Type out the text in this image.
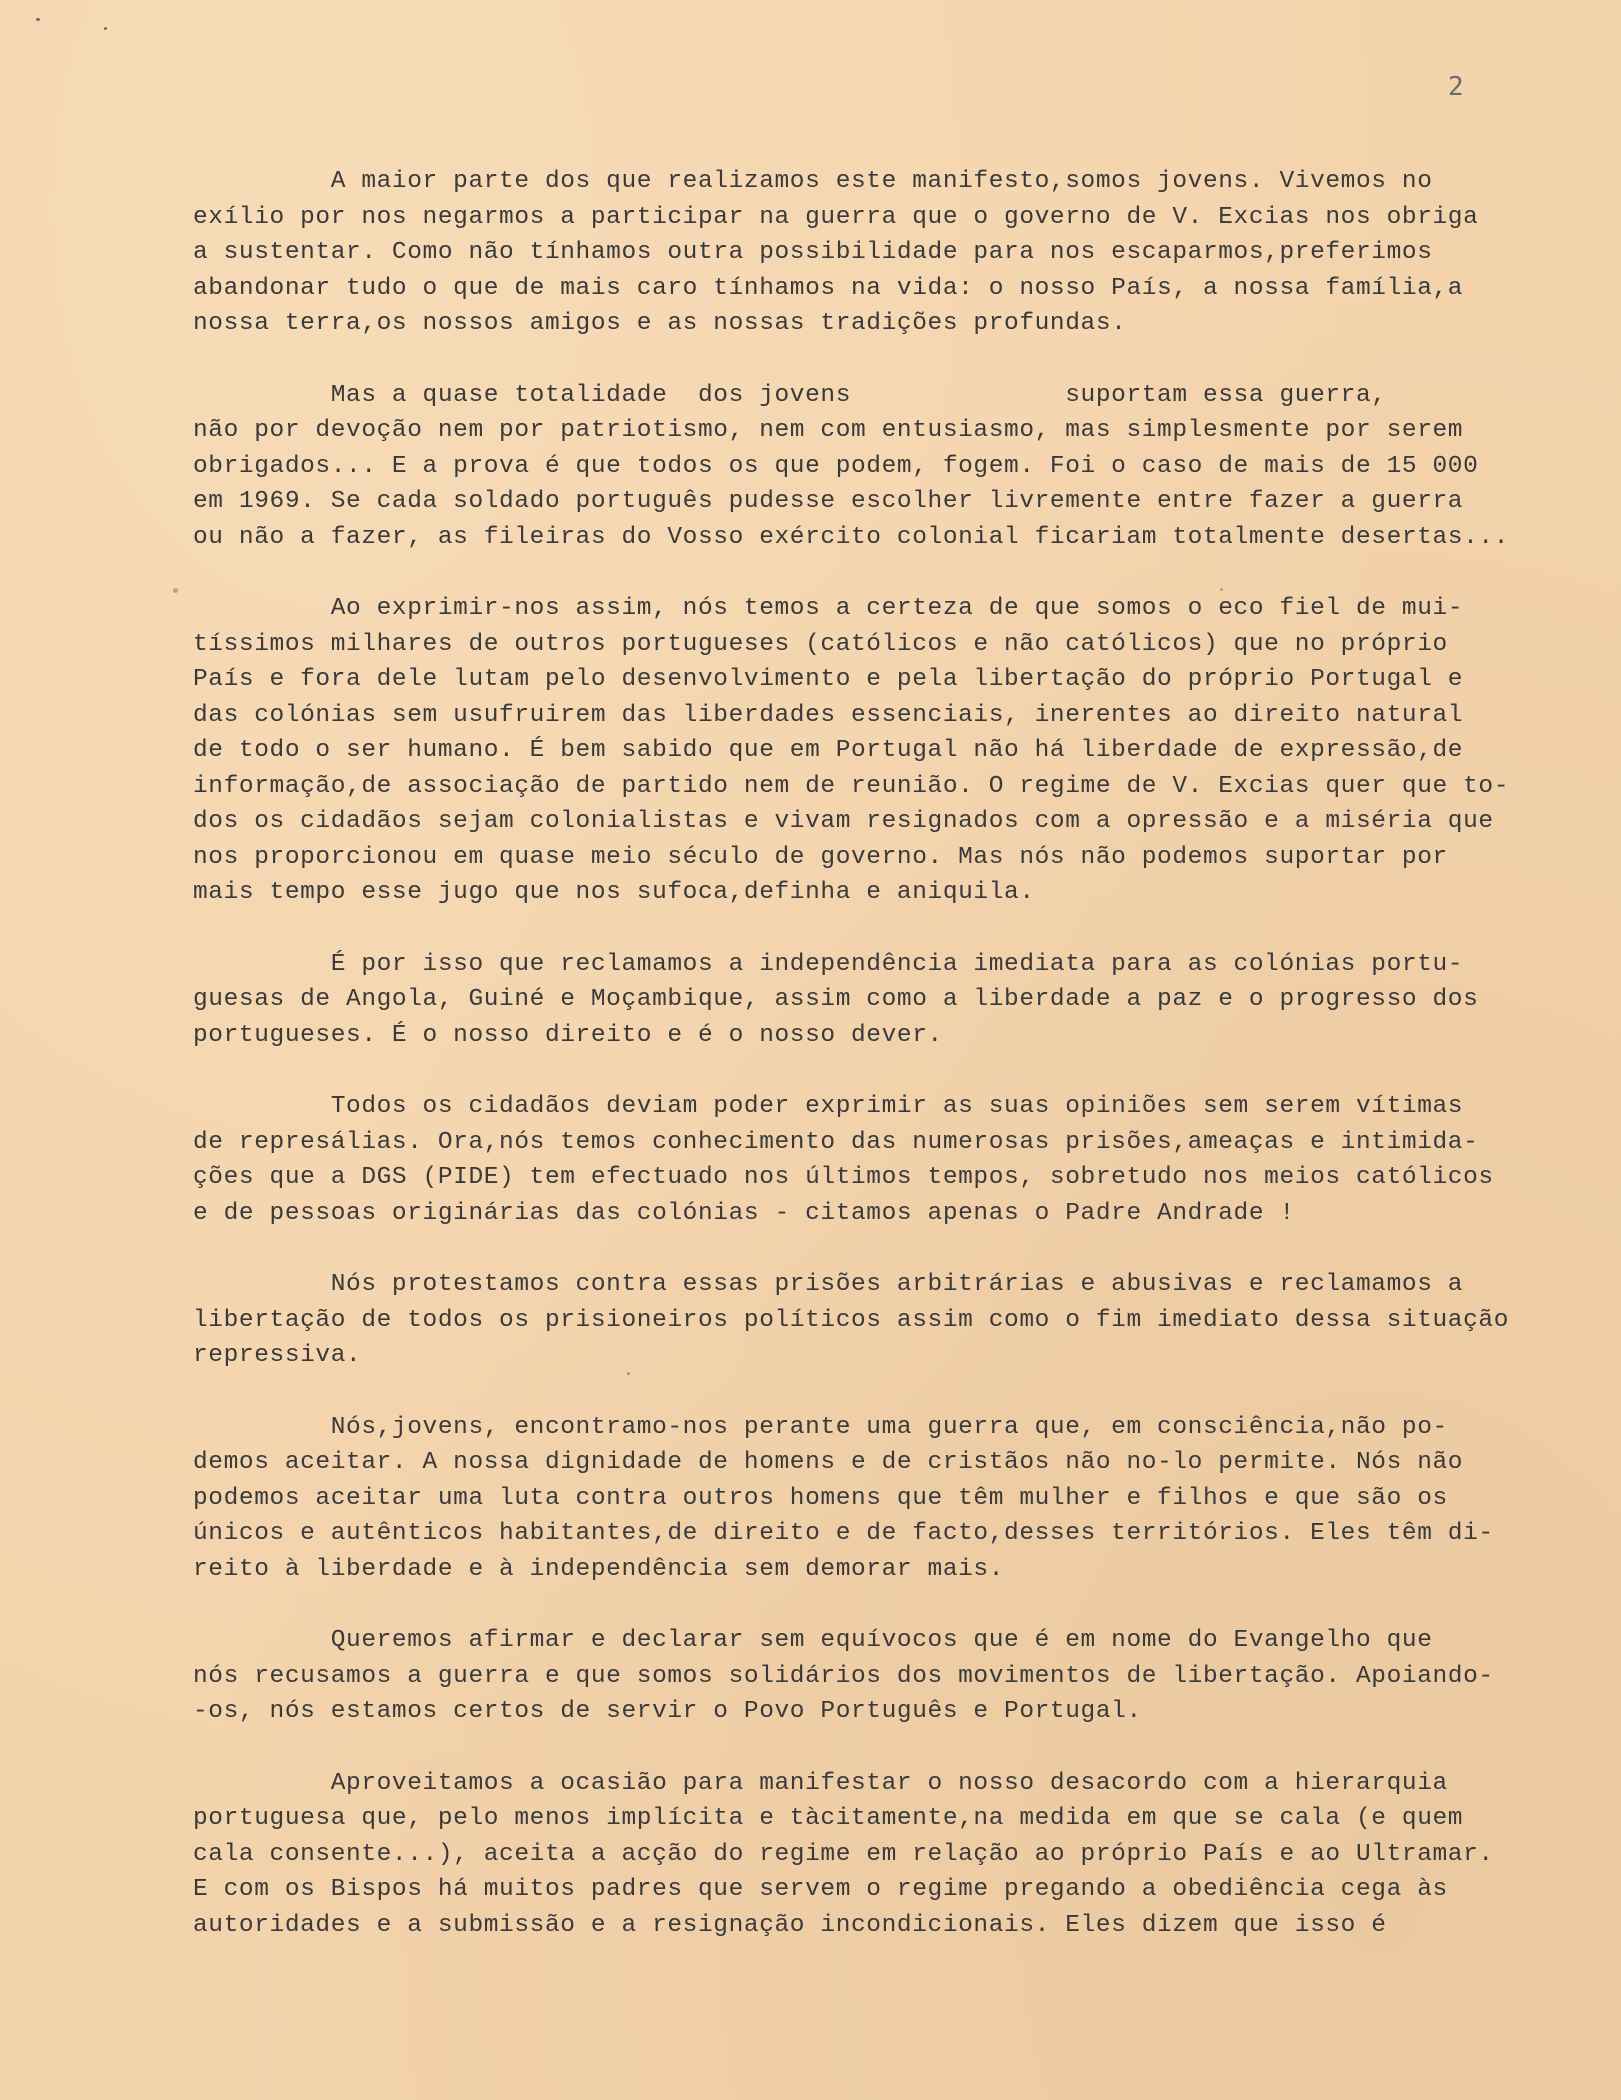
2
A maior parte dos que realizamos este manifesto,somos jovens. Vivemos no
exílio por nos negarmos a participar na guerra que o governo de V. Excias nos obriga
a sustentar. Como não tínhamos outra possibilidade para nos escaparmos,preferimos
abandonar tudo o que de mais caro tínhamos na vida: o nosso País, a nossa família,a
nossa terra,os nossos amigos e as nossas tradições profundas.
Mas a quase totalidade  dos jovens              suportam essa guerra,
não por devoção nem por patriotismo, nem com entusiasmo, mas simplesmente por serem
obrigados... E a prova é que todos os que podem, fogem. Foi o caso de mais de 15 000
em 1969. Se cada soldado português pudesse escolher livremente entre fazer a guerra
ou não a fazer, as fileiras do Vosso exército colonial ficariam totalmente desertas...
Ao exprimir-nos assim, nós temos a certeza de que somos o eco fiel de mui-
tíssimos milhares de outros portugueses (católicos e não católicos) que no próprio
País e fora dele lutam pelo desenvolvimento e pela libertação do próprio Portugal e
das colónias sem usufruirem das liberdades essenciais, inerentes ao direito natural
de todo o ser humano. É bem sabido que em Portugal não há liberdade de expressão,de
informação,de associação de partido nem de reunião. O regime de V. Excias quer que to-
dos os cidadãos sejam colonialistas e vivam resignados com a opressão e a miséria que
nos proporcionou em quase meio século de governo. Mas nós não podemos suportar por
mais tempo esse jugo que nos sufoca,definha e aniquila.
É por isso que reclamamos a independência imediata para as colónias portu-
guesas de Angola, Guiné e Moçambique, assim como a liberdade a paz e o progresso dos
portugueses. É o nosso direito e é o nosso dever.
Todos os cidadãos deviam poder exprimir as suas opiniões sem serem vítimas
de represálias. Ora,nós temos conhecimento das numerosas prisões,ameaças e intimida-
ções que a DGS (PIDE) tem efectuado nos últimos tempos, sobretudo nos meios católicos
e de pessoas originárias das colónias - citamos apenas o Padre Andrade !
Nós protestamos contra essas prisões arbitrárias e abusivas e reclamamos a
libertação de todos os prisioneiros políticos assim como o fim imediato dessa situação
repressiva.
Nós,jovens, encontramo-nos perante uma guerra que, em consciência,não po-
demos aceitar. A nossa dignidade de homens e de cristãos não no-lo permite. Nós não
podemos aceitar uma luta contra outros homens que têm mulher e filhos e que são os
únicos e autênticos habitantes,de direito e de facto,desses territórios. Eles têm di-
reito à liberdade e à independência sem demorar mais.
Queremos afirmar e declarar sem equívocos que é em nome do Evangelho que
nós recusamos a guerra e que somos solidários dos movimentos de libertação. Apoiando-
-os, nós estamos certos de servir o Povo Português e Portugal.
Aproveitamos a ocasião para manifestar o nosso desacordo com a hierarquia
portuguesa que, pelo menos implícita e tàcitamente,na medida em que se cala (e quem
cala consente...), aceita a acção do regime em relação ao próprio País e ao Ultramar.
E com os Bispos há muitos padres que servem o regime pregando a obediência cega às
autoridades e a submissão e a resignação incondicionais. Eles dizem que isso é
